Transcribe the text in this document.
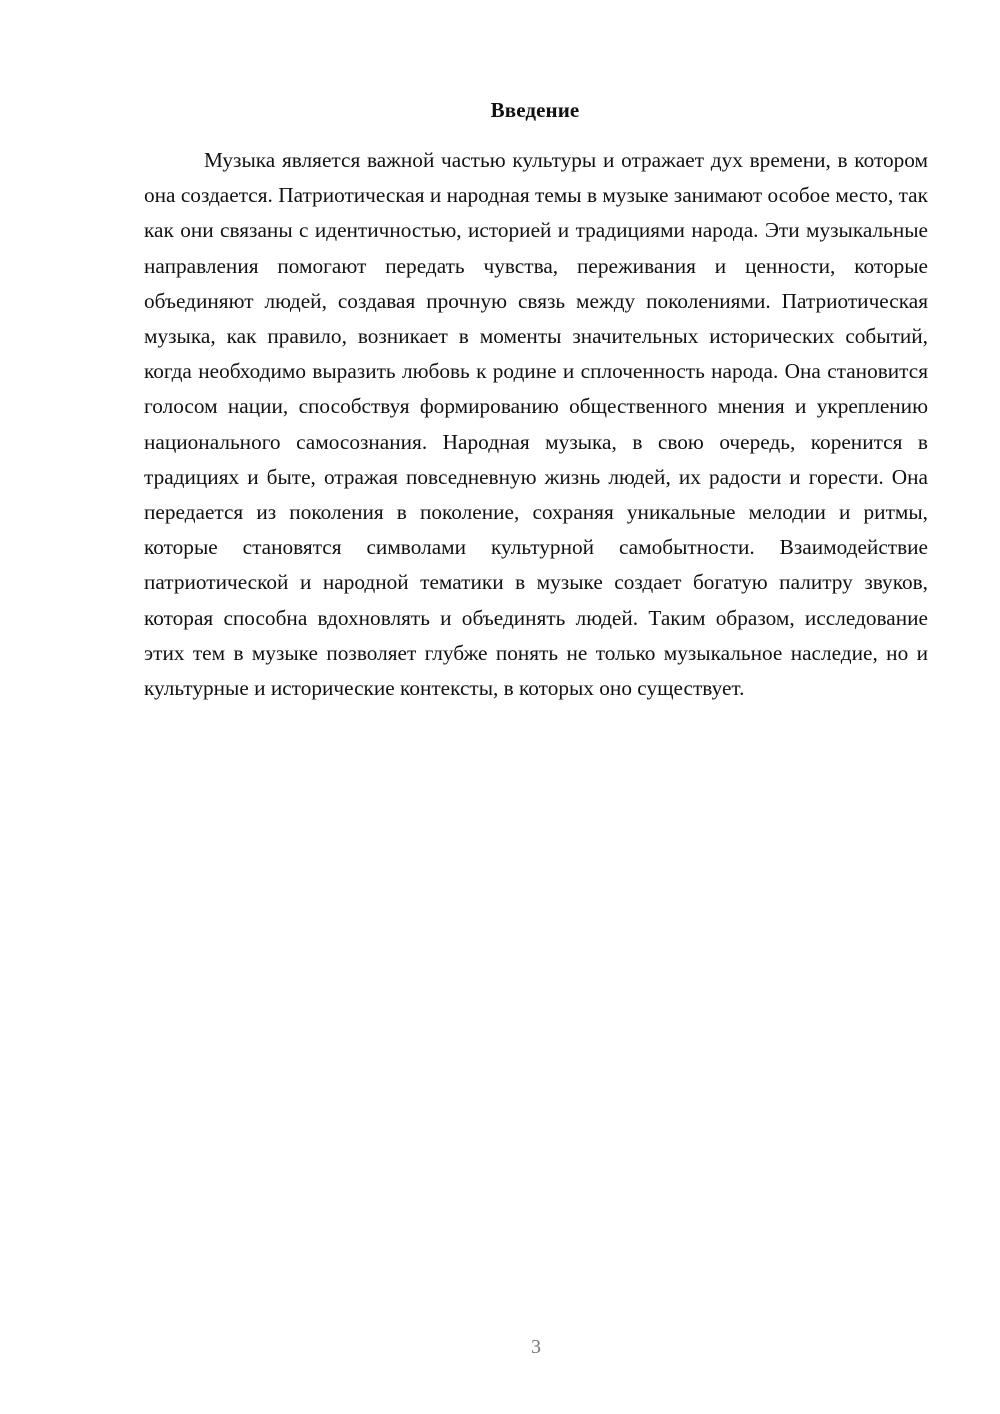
Введение

Музыка является важной частью культуры и отражает дух времени, в котором она создается. Патриотическая и народная темы в музыке занимают особое место, так как они связаны с идентичностью, историей и традициями народа. Эти музыкальные направления помогают передать чувства, переживания и ценности, которые объединяют людей, создавая прочную связь между поколениями. Патриотическая музыка, как правило, возникает в моменты значительных исторических событий, когда необходимо выразить любовь к родине и сплоченность народа. Она становится голосом нации, способствуя формированию общественного мнения и укреплению национального самосознания. Народная музыка, в свою очередь, коренится в традициях и быте, отражая повседневную жизнь людей, их радости и горести. Она передается из поколения в поколение, сохраняя уникальные мелодии и ритмы, которые становятся символами культурной самобытности. Взаимодействие патриотической и народной тематики в музыке создает богатую палитру звуков, которая способна вдохновлять и объединять людей. Таким образом, исследование этих тем в музыке позволяет глубже понять не только музыкальное наследие, но и культурные и исторические контексты, в которых оно существует.

3
